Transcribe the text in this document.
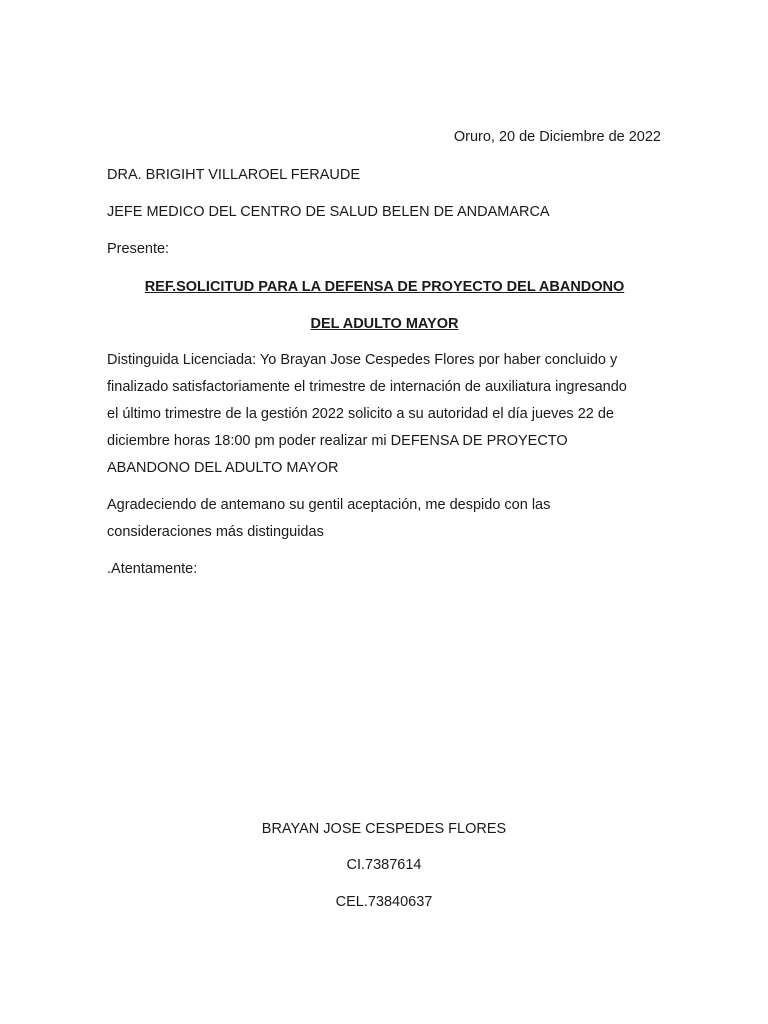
Oruro, 20 de Diciembre de 2022
DRA. BRIGIHT VILLAROEL FERAUDE
JEFE MEDICO DEL CENTRO DE SALUD BELEN DE ANDAMARCA
Presente:
REF.SOLICITUD PARA LA DEFENSA DE PROYECTO DEL ABANDONO
DEL ADULTO MAYOR
Distinguida Licenciada: Yo Brayan Jose Cespedes Flores por haber concluido y
finalizado satisfactoriamente el trimestre de internación de auxiliatura ingresando
el último trimestre de la gestión 2022 solicito a su autoridad el día jueves 22 de
diciembre horas 18:00 pm poder realizar mi DEFENSA DE PROYECTO
ABANDONO DEL ADULTO MAYOR
Agradeciendo de antemano su gentil aceptación, me despido con las
consideraciones más distinguidas
.Atentamente:
BRAYAN JOSE CESPEDES FLORES
CI.7387614
CEL.73840637
